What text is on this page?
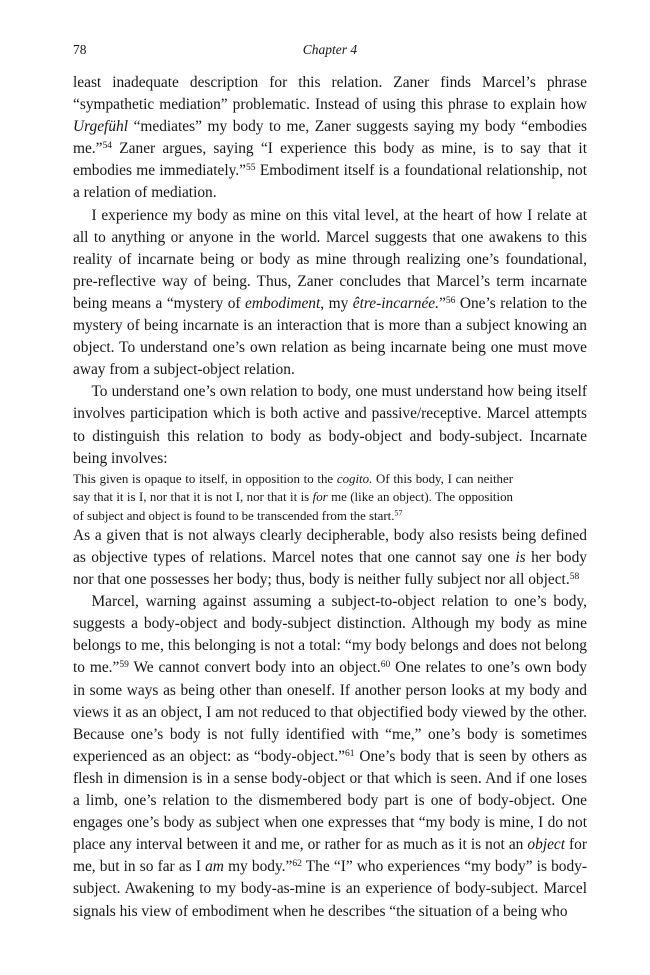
78	Chapter 4

least inadequate description for this relation. Zaner finds Marcel’s phrase “sympathetic mediation” problematic. Instead of using this phrase to explain how Urgefühl “mediates” my body to me, Zaner suggests saying my body “embodies me.”$^{54}$ Zaner argues, saying “I experience this body as mine, is to say that it embodies me immediately.”$^{55}$ Embodiment itself is a foundational relationship, not a relation of mediation.

I experience my body as mine on this vital level, at the heart of how I relate at all to anything or anyone in the world. Marcel suggests that one awakens to this reality of incarnate being or body as mine through realizing one’s foundational, pre-reflective way of being. Thus, Zaner concludes that Marcel’s term incarnate being means a “mystery of embodiment, my être-incarnée.”$^{56}$ One’s relation to the mystery of being incarnate is an interaction that is more than a subject knowing an object. To understand one’s own relation as being incarnate being one must move away from a subject-object relation.

To understand one’s own relation to body, one must understand how being itself involves participation which is both active and passive/receptive. Marcel attempts to distinguish this relation to body as body-object and body-subject. Incarnate being involves:

This given is opaque to itself, in opposition to the cogito. Of this body, I can neither say that it is I, nor that it is not I, nor that it is for me (like an object). The opposition of subject and object is found to be transcended from the start.$^{57}$

As a given that is not always clearly decipherable, body also resists being defined as objective types of relations. Marcel notes that one cannot say one is her body nor that one possesses her body; thus, body is neither fully subject nor all object.$^{58}$

Marcel, warning against assuming a subject-to-object relation to one’s body, suggests a body-object and body-subject distinction. Although my body as mine belongs to me, this belonging is not a total: “my body belongs and does not belong to me.”$^{59}$ We cannot convert body into an object.$^{60}$ One relates to one’s own body in some ways as being other than oneself. If another person looks at my body and views it as an object, I am not reduced to that objectified body viewed by the other. Because one’s body is not fully identified with “me,” one’s body is sometimes experienced as an object: as “body-object.”$^{61}$ One’s body that is seen by others as flesh in dimension is in a sense body-object or that which is seen. And if one loses a limb, one’s relation to the dismembered body part is one of body-object. One engages one’s body as subject when one expresses that “my body is mine, I do not place any interval between it and me, or rather for as much as it is not an object for me, but in so far as I am my body.”$^{62}$ The “I” who experiences “my body” is body-subject. Awakening to my body-as-mine is an experience of body-subject. Marcel signals his view of embodiment when he describes “the situation of a being who
